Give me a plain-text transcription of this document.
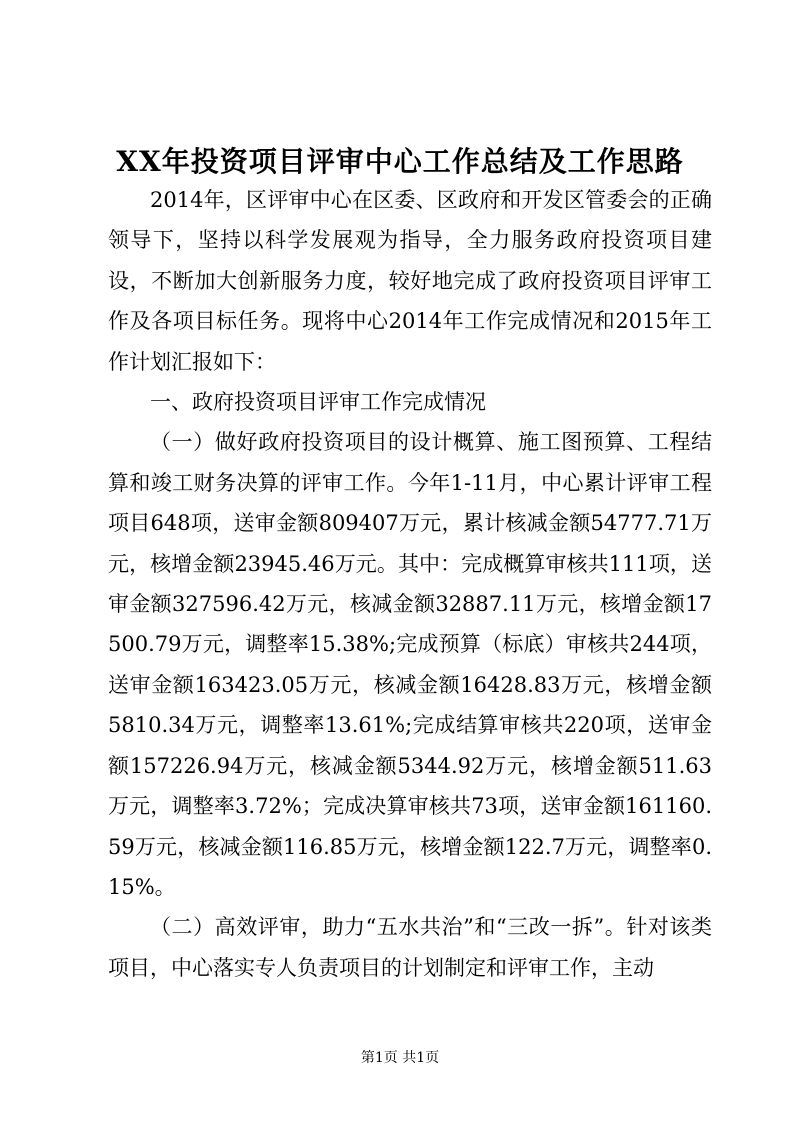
XX年投资项目评审中心工作总结及工作思路

2014年，区评审中心在区委、区政府和开发区管委会的正确领导下，坚持以科学发展观为指导，全力服务政府投资项目建设，不断加大创新服务力度，较好地完成了政府投资项目评审工作及各项目标任务。现将中心2014年工作完成情况和2015年工作计划汇报如下：

一、政府投资项目评审工作完成情况

（一）做好政府投资项目的设计概算、施工图预算、工程结算和竣工财务决算的评审工作。今年1-11月，中心累计评审工程项目648项，送审金额809407万元，累计核减金额54777.71万元，核增金额23945.46万元。其中：完成概算审核共111项，送审金额327596.42万元，核减金额32887.11万元，核增金额17500.79万元，调整率15.38%;完成预算（标底）审核共244项，送审金额163423.05万元，核减金额16428.83万元，核增金额5810.34万元，调整率13.61%;完成结算审核共220项，送审金额157226.94万元，核减金额5344.92万元，核增金额511.63万元，调整率3.72%；完成决算审核共73项，送审金额161160.59万元，核减金额116.85万元，核增金额122.7万元，调整率0.15%。

（二）高效评审，助力“五水共治”和“三改一拆”。针对该类项目，中心落实专人负责项目的计划制定和评审工作，主动

第1页 共1页
